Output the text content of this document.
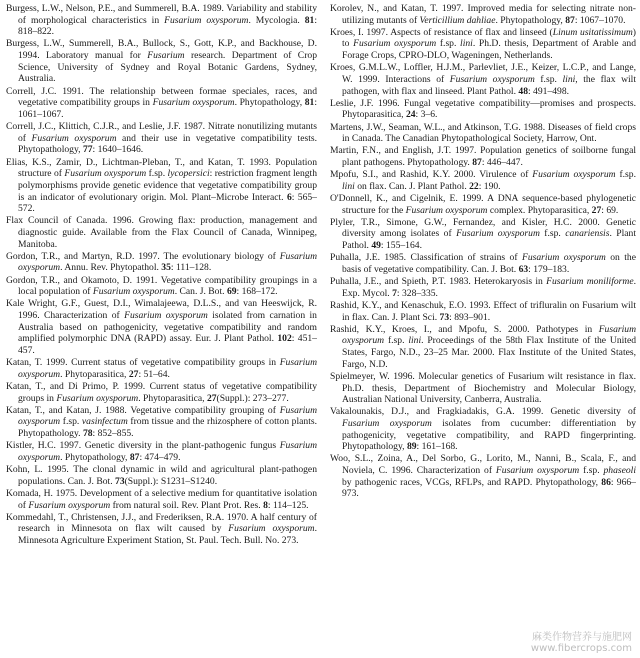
Burgess, L.W., Nelson, P.E., and Summerell, B.A. 1989. Variability and stability of morphological characteristics in Fusarium oxysporum. Mycologia. 81: 818–822.

Burgess, L.W., Summerell, B.A., Bullock, S., Gott, K.P., and Backhouse, D. 1994. Laboratory manual for Fusarium research. Department of Crop Science, University of Sydney and Royal Botanic Gardens, Sydney, Australia.

Correll, J.C. 1991. The relationship between formae speciales, races, and vegetative compatibility groups in Fusarium oxysporum. Phytopathology, 81: 1061–1067.

Correll, J.C., Klittich, C.J.R., and Leslie, J.F. 1987. Nitrate nonutilizing mutants of Fusarium oxysporum and their use in vegetative compatibility tests. Phytopathology, 77: 1640–1646.

Elias, K.S., Zamir, D., Lichtman-Pleban, T., and Katan, T. 1993. Population structure of Fusarium oxysporum f.sp. lycopersici: restriction fragment length polymorphisms provide genetic evidence that vegetative compatibility group is an indicator of evolutionary origin. Mol. Plant–Microbe Interact. 6: 565–572.

Flax Council of Canada. 1996. Growing flax: production, management and diagnostic guide. Available from the Flax Council of Canada, Winnipeg, Manitoba.

Gordon, T.R., and Martyn, R.D. 1997. The evolutionary biology of Fusarium oxysporum. Annu. Rev. Phytopathol. 35: 111–128.

Gordon, T.R., and Okamoto, D. 1991. Vegetative compatibility groupings in a local population of Fusarium oxysporum. Can. J. Bot. 69: 168–172.

Kale Wright, G.F., Guest, D.I., Wimalajeewa, D.L.S., and van Heeswijck, R. 1996. Characterization of Fusarium oxysporum isolated from carnation in Australia based on pathogenicity, vegetative compatibility and random amplified polymorphic DNA (RAPD) assay. Eur. J. Plant Pathol. 102: 451–457.

Katan, T. 1999. Current status of vegetative compatibility groups in Fusarium oxysporum. Phytoparasitica, 27: 51–64.

Katan, T., and Di Primo, P. 1999. Current status of vegetative compatibility groups in Fusarium oxysporum. Phytoparasitica, 27(Suppl.): 273–277.

Katan, T., and Katan, J. 1988. Vegetative compatibility grouping of Fusarium oxysporum f.sp. vasinfectum from tissue and the rhizosphere of cotton plants. Phytopathology. 78: 852–855.

Kistler, H.C. 1997. Genetic diversity in the plant-pathogenic fungus Fusarium oxysporum. Phytopathology, 87: 474–479.

Kohn, L. 1995. The clonal dynamic in wild and agricultural plant-pathogen populations. Can. J. Bot. 73(Suppl.): S1231–S1240.

Komada, H. 1975. Development of a selective medium for quantitative isolation of Fusarium oxysporum from natural soil. Rev. Plant Prot. Res. 8: 114–125.

Kommedahl, T., Christensen, J.J., and Frederiksen, R.A. 1970. A half century of research in Minnesota on flax wilt caused by Fusarium oxysporum. Minnesota Agriculture Experiment Station, St. Paul. Tech. Bull. No. 273.

Korolev, N., and Katan, T. 1997. Improved media for selecting nitrate non-utilizing mutants of Verticillium dahliae. Phytopathology, 87: 1067–1070.

Kroes, I. 1997. Aspects of resistance of flax and linseed (Linum usitatissimum) to Fusarium oxysporum f.sp. lini. Ph.D. thesis, Department of Arable and Forage Crops, CPRO-DLO, Wageningen, Netherlands.

Kroes, G.M.L.W., Loffler, H.J.M., Parlevliet, J.E., Keizer, L.C.P., and Lange, W. 1999. Interactions of Fusarium oxysporum f.sp. lini, the flax wilt pathogen, with flax and linseed. Plant Pathol. 48: 491–498.

Leslie, J.F. 1996. Fungal vegetative compatibility—promises and prospects. Phytoparasitica, 24: 3–6.

Martens, J.W., Seaman, W.L., and Atkinson, T.G. 1988. Diseases of field crops in Canada. The Canadian Phytopathological Society, Harrow, Ont.

Martin, F.N., and English, J.T. 1997. Population genetics of soilborne fungal plant pathogens. Phytopathology. 87: 446–447.

Mpofu, S.I., and Rashid, K.Y. 2000. Virulence of Fusarium oxysporum f.sp. lini on flax. Can. J. Plant Pathol. 22: 190.

O'Donnell, K., and Cigelnik, E. 1999. A DNA sequence-based phylogenetic structure for the Fusarium oxysporum complex. Phytoparasitica, 27: 69.

Plyler, T.R., Simone, G.W., Fernandez, and Kisler, H.C. 2000. Genetic diversity among isolates of Fusarium oxysporum f.sp. canariensis. Plant Pathol. 49: 155–164.

Puhalla, J.E. 1985. Classification of strains of Fusarium oxysporum on the basis of vegetative compatibility. Can. J. Bot. 63: 179–183.

Puhalla, J.E., and Spieth, P.T. 1983. Heterokaryosis in Fusarium moniliforme. Exp. Mycol. 7: 328–335.

Rashid, K.Y., and Kenaschuk, E.O. 1993. Effect of trifluralin on Fusarium wilt in flax. Can. J. Plant Sci. 73: 893–901.

Rashid, K.Y., Kroes, I., and Mpofu, S. 2000. Pathotypes in Fusarium oxysporum f.sp. lini. Proceedings of the 58th Flax Institute of the United States, Fargo, N.D., 23–25 Mar. 2000. Flax Institute of the United States, Fargo, N.D.

Spielmeyer, W. 1996. Molecular genetics of Fusarium wilt resistance in flax. Ph.D. thesis, Department of Biochemistry and Molecular Biology, Australian National University, Canberra, Australia.

Vakalounakis, D.J., and Fragkiadakis, G.A. 1999. Genetic diversity of Fusarium oxysporum isolates from cucumber: differentiation by pathogenicity, vegetative compatibility, and RAPD fingerprinting. Phytopathology, 89: 161–168.

Woo, S.L., Zoina, A., Del Sorbo, G., Lorito, M., Nanni, B., Scala, F., and Noviela, C. 1996. Characterization of Fusarium oxysporum f.sp. phaseoli by pathogenic races, VCGs, RFLPs, and RAPD. Phytopathology, 86: 966–973.

麻类作物营养与施肥网
www.fibercrops.com
